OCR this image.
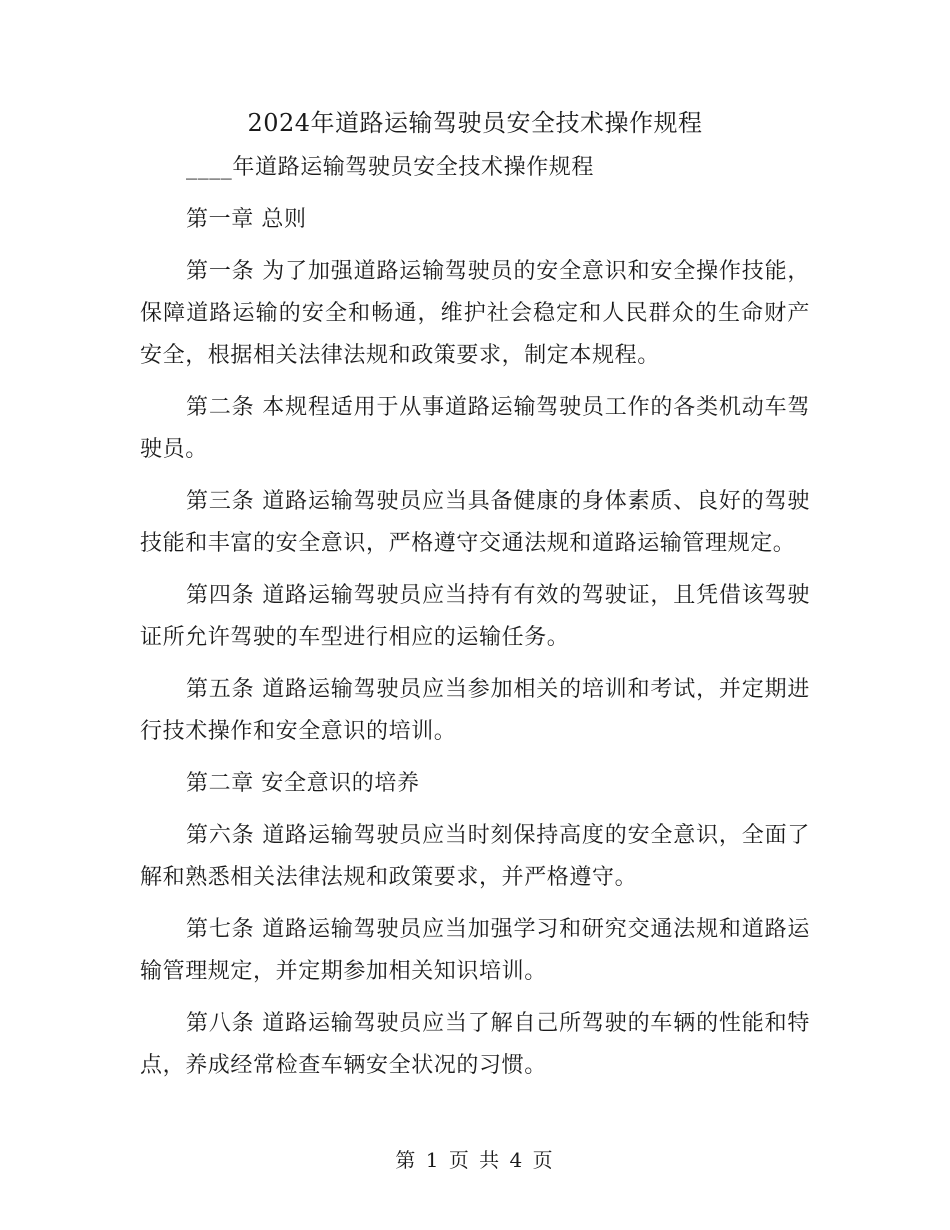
2024年道路运输驾驶员安全技术操作规程

____年道路运输驾驶员安全技术操作规程

第一章 总则

第一条 为了加强道路运输驾驶员的安全意识和安全操作技能，保障道路运输的安全和畅通，维护社会稳定和人民群众的生命财产安全，根据相关法律法规和政策要求，制定本规程。

第二条 本规程适用于从事道路运输驾驶员工作的各类机动车驾驶员。

第三条 道路运输驾驶员应当具备健康的身体素质、良好的驾驶技能和丰富的安全意识，严格遵守交通法规和道路运输管理规定。

第四条 道路运输驾驶员应当持有有效的驾驶证，且凭借该驾驶证所允许驾驶的车型进行相应的运输任务。

第五条 道路运输驾驶员应当参加相关的培训和考试，并定期进行技术操作和安全意识的培训。

第二章 安全意识的培养

第六条 道路运输驾驶员应当时刻保持高度的安全意识，全面了解和熟悉相关法律法规和政策要求，并严格遵守。

第七条 道路运输驾驶员应当加强学习和研究交通法规和道路运输管理规定，并定期参加相关知识培训。

第八条 道路运输驾驶员应当了解自己所驾驶的车辆的性能和特点，养成经常检查车辆安全状况的习惯。

第 1 页 共 4 页
